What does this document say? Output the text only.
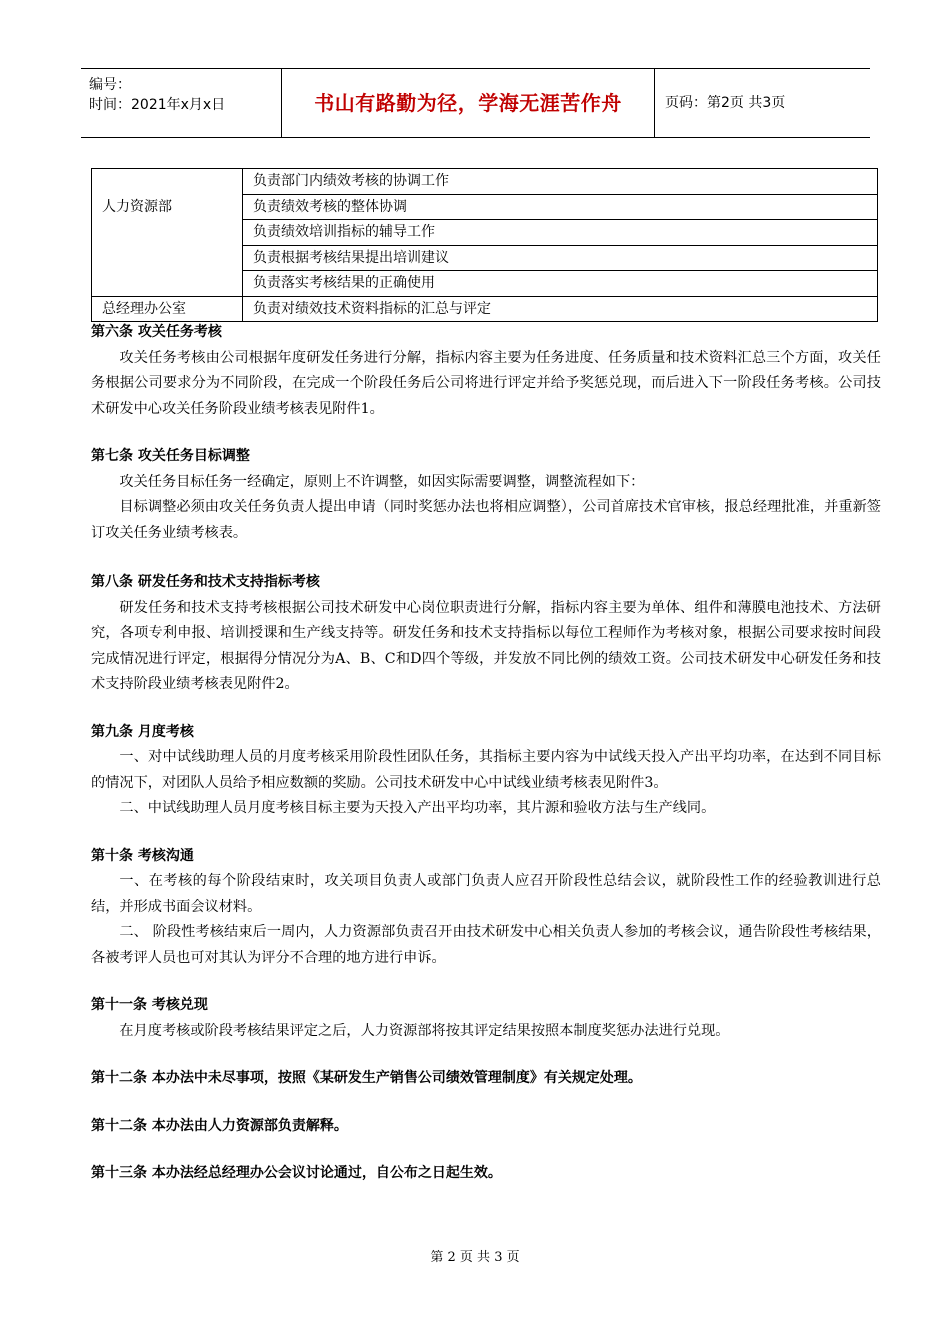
编号：
时间：2021年x月x日	书山有路勤为径，学海无涯苦作舟	页码：第2页 共3页
人力资源部	负责部门内绩效考核的协调工作
	负责绩效考核的整体协调
	负责绩效培训指标的辅导工作
	负责根据考核结果提出培训建议
	负责落实考核结果的正确使用
总经理办公室	负责对绩效技术资料指标的汇总与评定
第六条 攻关任务考核

攻关任务考核由公司根据年度研发任务进行分解，指标内容主要为任务进度、任务质量和技术资料汇总三个方面，攻关任务根据公司要求分为不同阶段，在完成一个阶段任务后公司将进行评定并给予奖惩兑现，而后进入下一阶段任务考核。公司技术研发中心攻关任务阶段业绩考核表见附件1。

第七条 攻关任务目标调整

攻关任务目标任务一经确定，原则上不许调整，如因实际需要调整，调整流程如下：

目标调整必须由攻关任务负责人提出申请（同时奖惩办法也将相应调整），公司首席技术官审核，报总经理批准，并重新签订攻关任务业绩考核表。

第八条 研发任务和技术支持指标考核

研发任务和技术支持考核根据公司技术研发中心岗位职责进行分解，指标内容主要为单体、组件和薄膜电池技术、方法研究，各项专利申报、培训授课和生产线支持等。研发任务和技术支持指标以每位工程师作为考核对象，根据公司要求按时间段完成情况进行评定，根据得分情况分为A、B、C和D四个等级，并发放不同比例的绩效工资。公司技术研发中心研发任务和技术支持阶段业绩考核表见附件2。

第九条 月度考核

一、对中试线助理人员的月度考核采用阶段性团队任务，其指标主要内容为中试线天投入产出平均功率，在达到不同目标的情况下，对团队人员给予相应数额的奖励。公司技术研发中心中试线业绩考核表见附件3。

二、中试线助理人员月度考核目标主要为天投入产出平均功率，其片源和验收方法与生产线同。

第十条 考核沟通

一、在考核的每个阶段结束时，攻关项目负责人或部门负责人应召开阶段性总结会议，就阶段性工作的经验教训进行总结，并形成书面会议材料。

二、 阶段性考核结束后一周内，人力资源部负责召开由技术研发中心相关负责人参加的考核会议，通告阶段性考核结果，各被考评人员也可对其认为评分不合理的地方进行申诉。

第十一条 考核兑现

在月度考核或阶段考核结果评定之后，人力资源部将按其评定结果按照本制度奖惩办法进行兑现。

第十二条 本办法中未尽事项，按照《某研发生产销售公司绩效管理制度》有关规定处理。
第十二条 本办法由人力资源部负责解释。
第十三条 本办法经总经理办公会议讨论通过，自公布之日起生效。
第 2 页 共 3 页
